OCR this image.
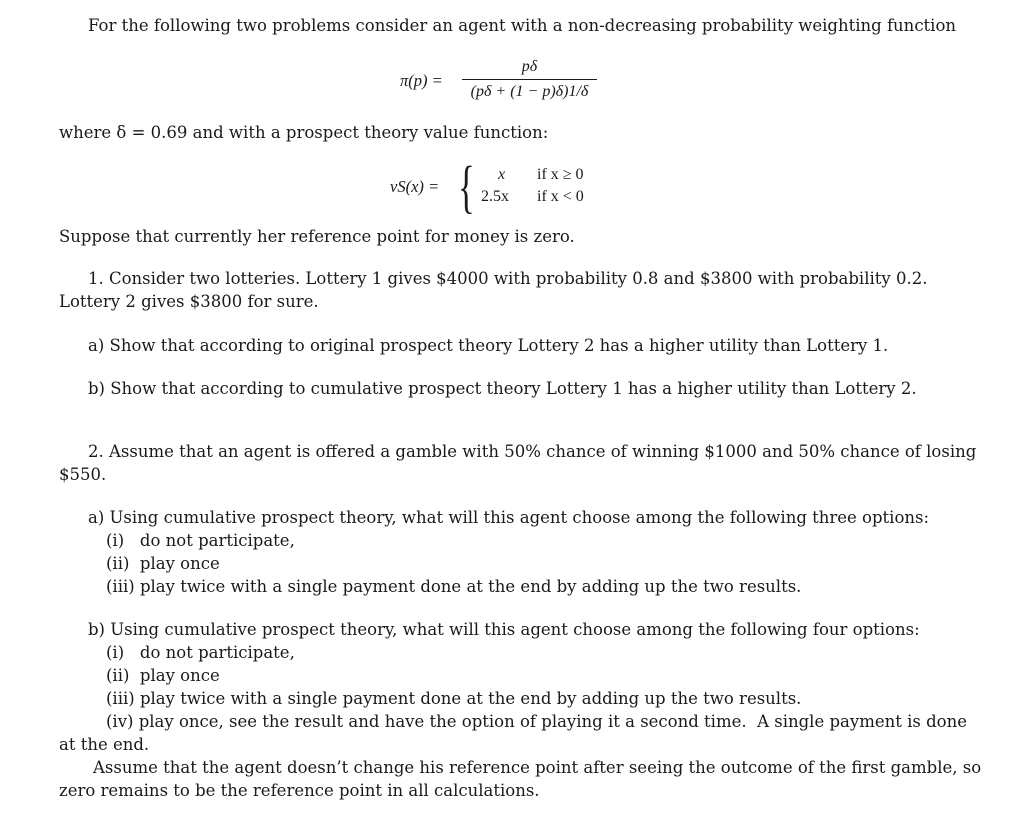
For the following two problems consider an agent with a non-decreasing probability weighting function
π(p) =
pδ
(pδ + (1 − p)δ)1/δ
where δ = 0.69 and with a prospect theory value function:
vS(x) = { x if x ≥ 0
2.5x if x < 0
Suppose that currently her reference point for money is zero.
1. Consider two lotteries. Lottery 1 gives $4000 with probability 0.8 and $3800 with probability 0.2.
Lottery 2 gives $3800 for sure.
a) Show that according to original prospect theory Lottery 2 has a higher utility than Lottery 1.
b) Show that according to cumulative prospect theory Lottery 1 has a higher utility than Lottery 2.
2. Assume that an agent is offered a gamble with 50% chance of winning $1000 and 50% chance of losing
$550.
a) Using cumulative prospect theory, what will this agent choose among the following three options:
(i)   do not participate,
(ii)  play once
(iii) play twice with a single payment done at the end by adding up the two results.
b) Using cumulative prospect theory, what will this agent choose among the following four options:
(i)   do not participate,
(ii)  play once
(iii) play twice with a single payment done at the end by adding up the two results.
(iv) play once, see the result and have the option of playing it a second time.  A single payment is done
at the end.
Assume that the agent doesn’t change his reference point after seeing the outcome of the first gamble, so
zero remains to be the reference point in all calculations.
